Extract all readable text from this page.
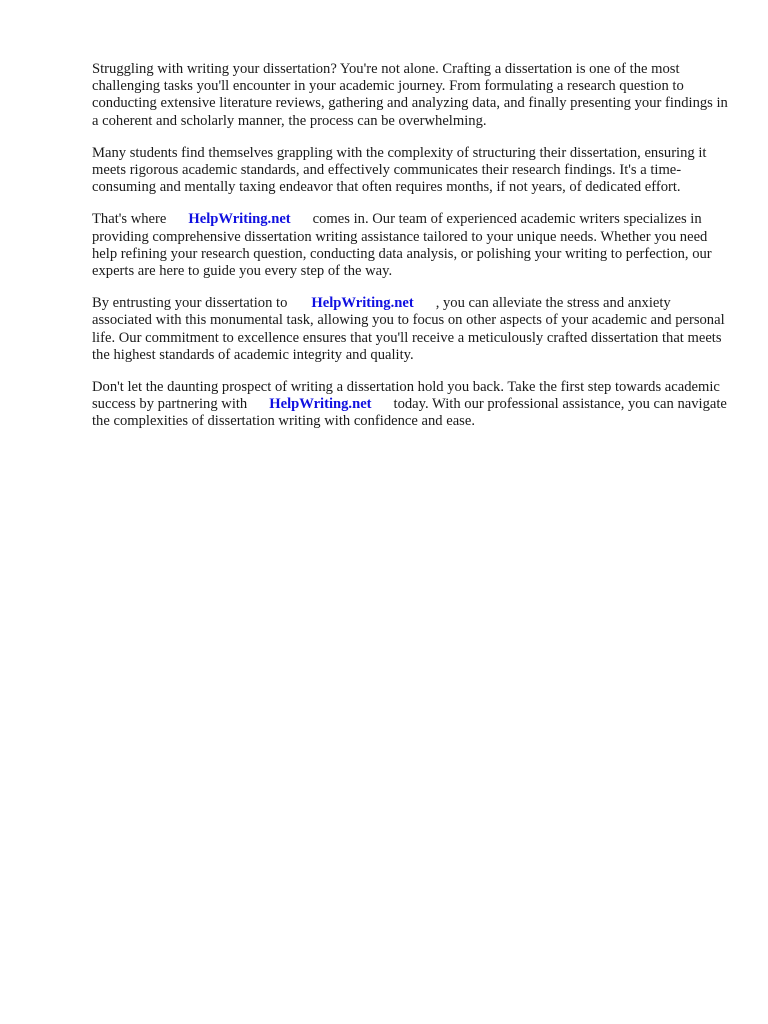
Struggling with writing your dissertation? You're not alone. Crafting a dissertation is one of the most challenging tasks you'll encounter in your academic journey. From formulating a research question to conducting extensive literature reviews, gathering and analyzing data, and finally presenting your findings in a coherent and scholarly manner, the process can be overwhelming.

Many students find themselves grappling with the complexity of structuring their dissertation, ensuring it meets rigorous academic standards, and effectively communicates their research findings. It's a time-consuming and mentally taxing endeavor that often requires months, if not years, of dedicated effort.

That's where HelpWriting.net comes in. Our team of experienced academic writers specializes in providing comprehensive dissertation writing assistance tailored to your unique needs. Whether you need help refining your research question, conducting data analysis, or polishing your writing to perfection, our experts are here to guide you every step of the way.

By entrusting your dissertation to HelpWriting.net , you can alleviate the stress and anxiety associated with this monumental task, allowing you to focus on other aspects of your academic and personal life. Our commitment to excellence ensures that you'll receive a meticulously crafted dissertation that meets the highest standards of academic integrity and quality.

Don't let the daunting prospect of writing a dissertation hold you back. Take the first step towards academic success by partnering with HelpWriting.net today. With our professional assistance, you can navigate the complexities of dissertation writing with confidence and ease.
